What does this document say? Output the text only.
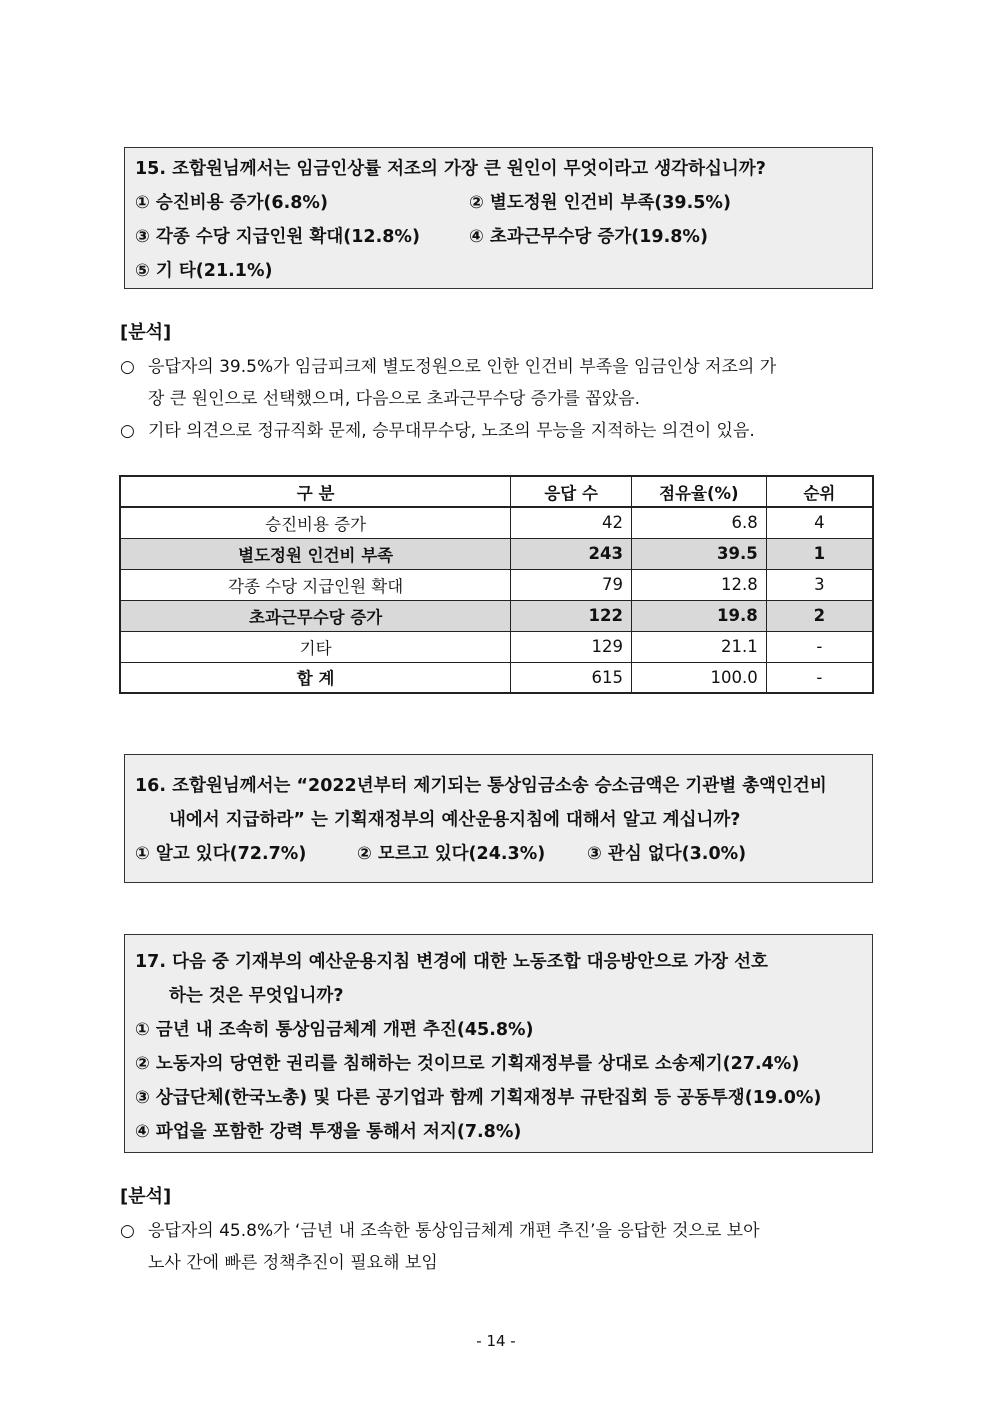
15. 조합원님께서는 임금인상률 저조의 가장 큰 원인이 무엇이라고 생각하십니까?
① 승진비용 증가(6.8%)	② 별도정원 인건비 부족(39.5%)
③ 각종 수당 지급인원 확대(12.8%)	④ 초과근무수당 증가(19.8%)
⑤ 기 타(21.1%)
[분석]
○ 응답자의 39.5%가 임금피크제 별도정원으로 인한 인건비 부족을 임금인상 저조의 가
장 큰 원인으로 선택했으며, 다음으로 초과근무수당 증가를 꼽았음.
○ 기타 의견으로 정규직화 문제, 승무대무수당, 노조의 무능을 지적하는 의견이 있음.
구 분	응답 수	점유율(%)	순위
승진비용 증가	42	6.8	4
별도정원 인건비 부족	243	39.5	1
각종 수당 지급인원 확대	79	12.8	3
초과근무수당 증가	122	19.8	2
기타	129	21.1	-
합 계	615	100.0	-
16. 조합원님께서는 “2022년부터 제기되는 통상임금소송 승소금액은 기관별 총액인건비
내에서 지급하라” 는 기획재정부의 예산운용지침에 대해서 알고 계십니까?
① 알고 있다(72.7%)	② 모르고 있다(24.3%) ③ 관심 없다(3.0%)
17. 다음 중 기재부의 예산운용지침 변경에 대한 노동조합 대응방안으로 가장 선호
하는 것은 무엇입니까?
① 금년 내 조속히 통상임금체계 개편 추진(45.8%)
② 노동자의 당연한 권리를 침해하는 것이므로 기획재정부를 상대로 소송제기(27.4%)
③ 상급단체(한국노총) 및 다른 공기업과 함께 기획재정부 규탄집회 등 공동투쟁(19.0%)
④ 파업을 포함한 강력 투쟁을 통해서 저지(7.8%)
[분석]
○ 응답자의 45.8%가 ‘금년 내 조속한 통상임금체계 개편 추진’을 응답한 것으로 보아
노사 간에 빠른 정책추진이 필요해 보임
- 14 -
